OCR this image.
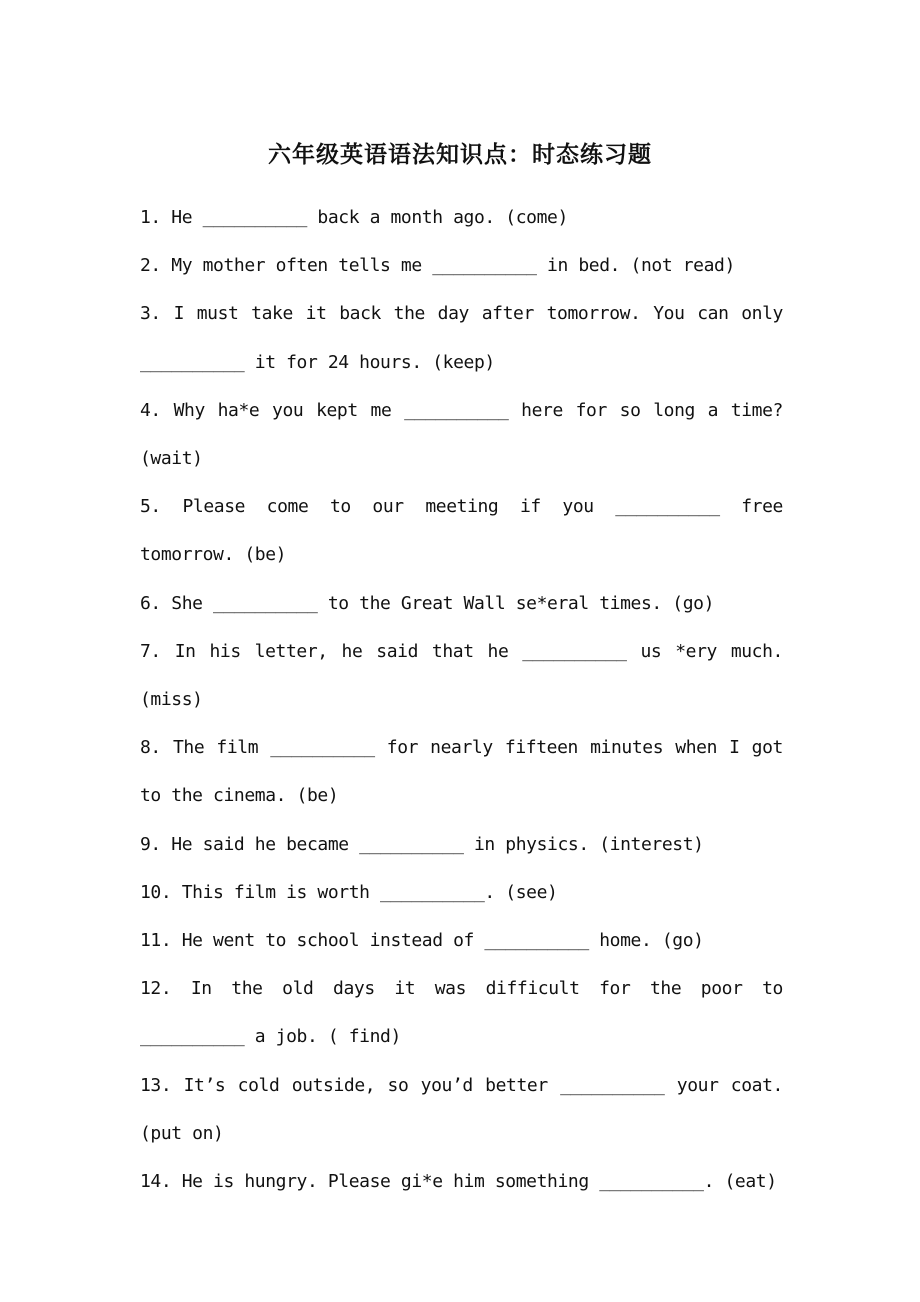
六年级英语语法知识点：时态练习题

1. He __________ back a month ago. (come)

2. My mother often tells me __________ in bed. (not read)

3. I must take it back the day after tomorrow. You can only __________ it for 24 hours. (keep)

4. Why ha*e you kept me __________ here for so long a time? (wait)

5. Please come to our meeting if you __________ free tomorrow. (be)

6. She __________ to the Great Wall se*eral times. (go)

7. In his letter, he said that he __________ us *ery much. (miss)

8. The film __________ for nearly fifteen minutes when I got to the cinema. (be)

9. He said he became __________ in physics. (interest)

10. This film is worth __________. (see)

11. He went to school instead of __________ home. (go)

12. In the old days it was difficult for the poor to __________ a job. ( find)

13. It’s cold outside, so you’d better __________ your coat. (put on)

14. He is hungry. Please gi*e him something __________. (eat)
